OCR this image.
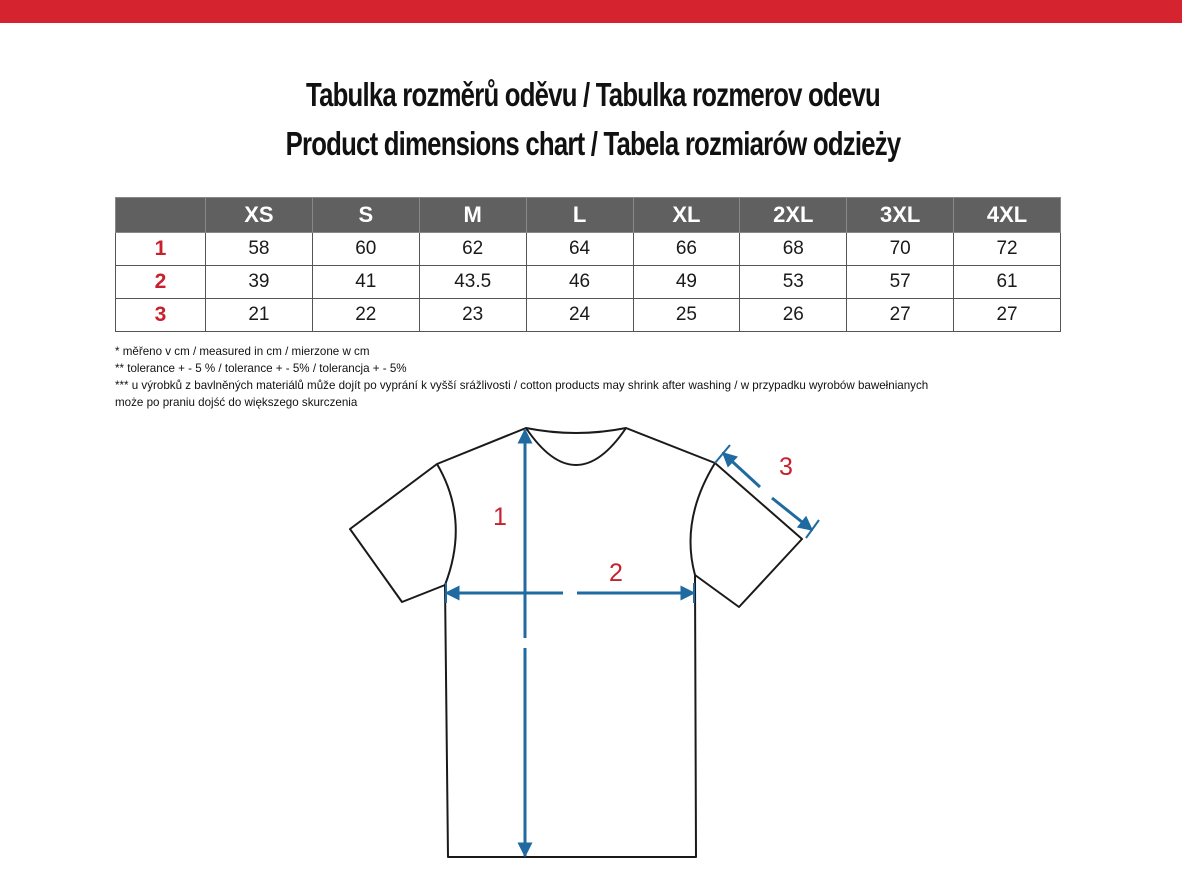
Tabulka rozměrů oděvu / Tabulka rozmerov odevu
Product dimensions chart / Tabela rozmiarów odzieży
	XS	S	M	L	XL	2XL	3XL	4XL
1	58	60	62	64	66	68	70	72
2	39	41	43.5	46	49	53	57	61
3	21	22	23	24	25	26	27	27
* měřeno v cm / measured in cm / mierzone w cm
** tolerance + - 5 % / tolerance + - 5% / tolerancja + - 5%
*** u výrobků z bavlněných materiálů může dojít po vyprání k vyšší srážlivosti / cotton products may shrink after washing / w przypadku wyrobów bawełnianych
może po praniu dojść do większego skurczenia
1
2
3
